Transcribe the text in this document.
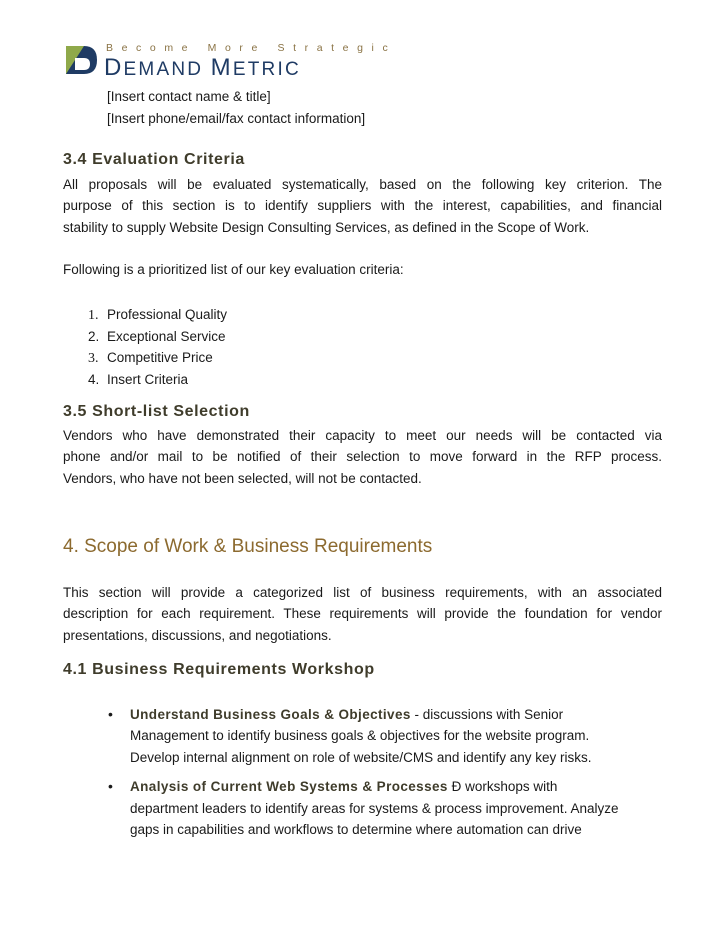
Become More Strategic
DEMAND METRIC
[Insert contact name & title]
[Insert phone/email/fax contact information]
3.4 Evaluation Criteria
All proposals will be evaluated systematically, based on the following key criterion. The
purpose of this section is to identify suppliers with the interest, capabilities, and financial
stability to supply Website Design Consulting Services, as defined in the Scope of Work.
Following is a prioritized list of our key evaluation criteria:
1. Professional Quality
2. Exceptional Service
3. Competitive Price
4. Insert Criteria
3.5 Short-list Selection
Vendors who have demonstrated their capacity to meet our needs will be contacted via
phone and/or mail to be notified of their selection to move forward in the RFP process.
Vendors, who have not been selected, will not be contacted.
4. Scope of Work & Business Requirements
This section will provide a categorized list of business requirements, with an associated
description for each requirement. These requirements will provide the foundation for vendor
presentations, discussions, and negotiations.
4.1 Business Requirements Workshop
• Understand Business Goals & Objectives - discussions with Senior
Management to identify business goals & objectives for the website program.
Develop internal alignment on role of website/CMS and identify any key risks.
• Analysis of Current Web Systems & Processes Ð workshops with
department leaders to identify areas for systems & process improvement. Analyze
gaps in capabilities and workflows to determine where automation can drive
